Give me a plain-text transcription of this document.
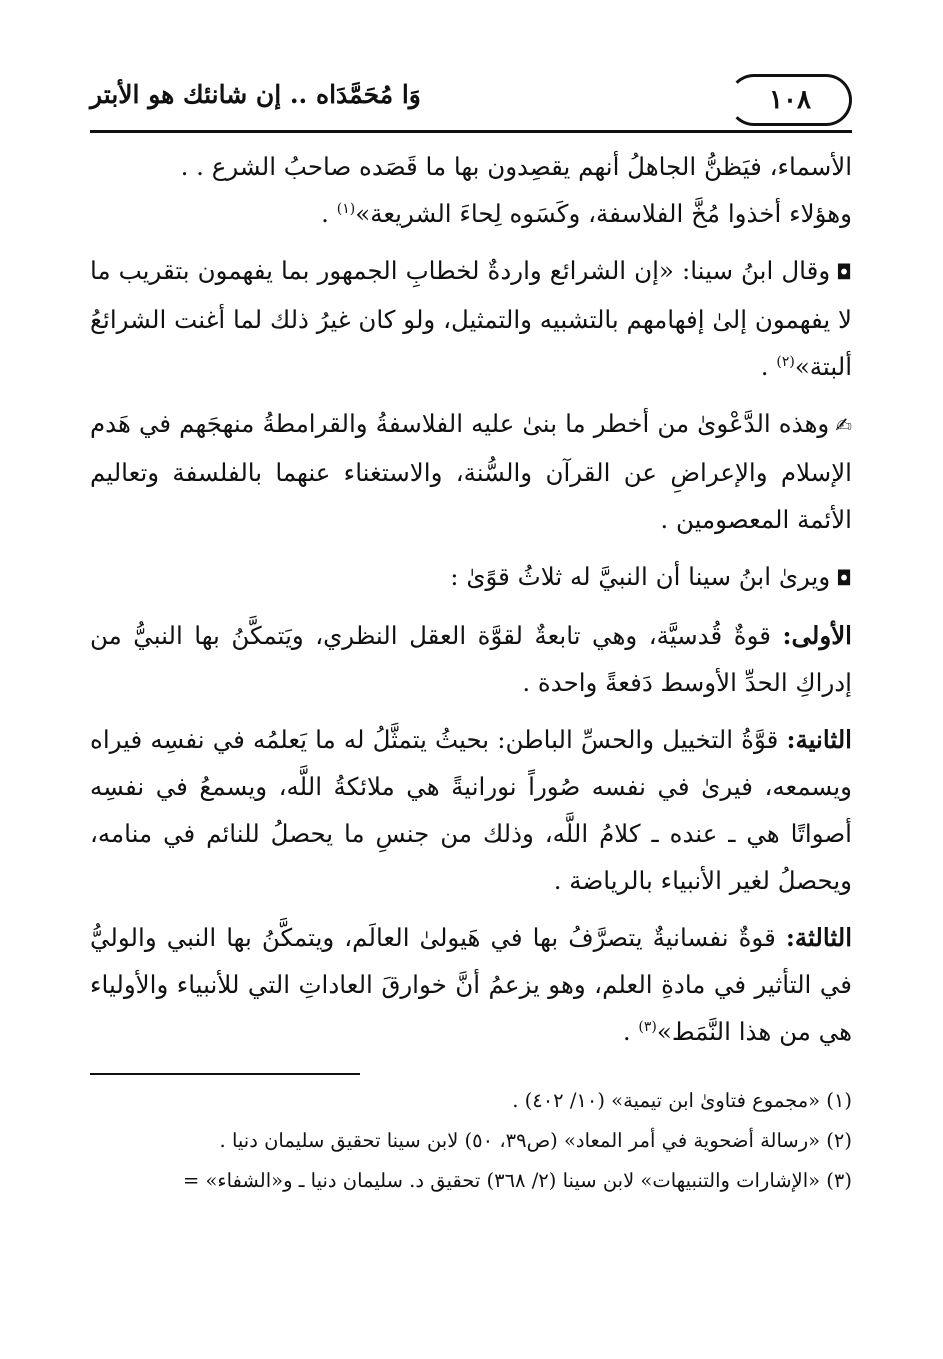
١٠٨
وَا مُحَمَّدَاه .. إن شانئك هو الأبتر

الأسماء، فيَظنُّ الجاهلُ أنهم يقصِدون بها ما قَصَده صاحبُ الشرع . .
وهؤلاء أخذوا مُخَّ الفلاسفة، وكَسَوه لِحاءَ الشريعة»$^{(١)}$ .

◘وقال ابنُ سينا: «إن الشرائع واردةٌ لخطابِ الجمهور بما يفهمون بتقريب ما لا يفهمون إلىٰ إفهامهم بالتشبيه والتمثيل، ولو كان غيرُ ذلك لما أغنت الشرائعُ ألبتة»$^{(٢)}$ .

✍وهذه الدَّعْوىٰ من أخطر ما بنىٰ عليه الفلاسفةُ والقرامطةُ منهجَهم في هَدم الإسلام والإعراضِ عن القرآن والسُّنة، والاستغناء عنهما بالفلسفة وتعاليم الأئمة المعصومين .

◘ويرىٰ ابنُ سينا أن النبيَّ له ثلاثُ قوًىٰ :

الأولى: قوةٌ قُدسيَّة، وهي تابعةٌ لقوَّة العقل النظري، ويَتمكَّنُ بها النبيُّ من إدراكِ الحدِّ الأوسط دَفعةً واحدة .

الثانية: قوَّةُ التخييل والحسِّ الباطن: بحيثُ يتمثَّلُ له ما يَعلمُه في نفسِه فيراه ويسمعه، فيرىٰ في نفسه صُوراً نورانيةً هي ملائكةُ اللَّه، ويسمعُ في نفسِه أصواتًا هي ـ عنده ـ كلامُ اللَّه، وذلك من جنسِ ما يحصلُ للنائم في منامه، ويحصلُ لغير الأنبياء بالرياضة .

الثالثة: قوةٌ نفسانيةٌ يتصرَّفُ بها في هَيولىٰ العالَم، ويتمكَّنُ بها النبي والوليُّ في التأثير في مادةِ العلم، وهو يزعمُ أنَّ خوارقَ العاداتِ التي للأنبياء والأولياء هي من هذا النَّمَط»$^{(٣)}$ .

(١) «مجموع فتاوىٰ ابن تيمية» (١٠/ ٤٠٢) .

(٢) «رسالة أضحوية في أمر المعاد» (ص٣٩، ٥٠) لابن سينا تحقيق سليمان دنيا .

(٣) «الإشارات والتنبيهات» لابن سينا (٢/ ٣٦٨) تحقيق د. سليمان دنيا ـ و«الشفاء» =
